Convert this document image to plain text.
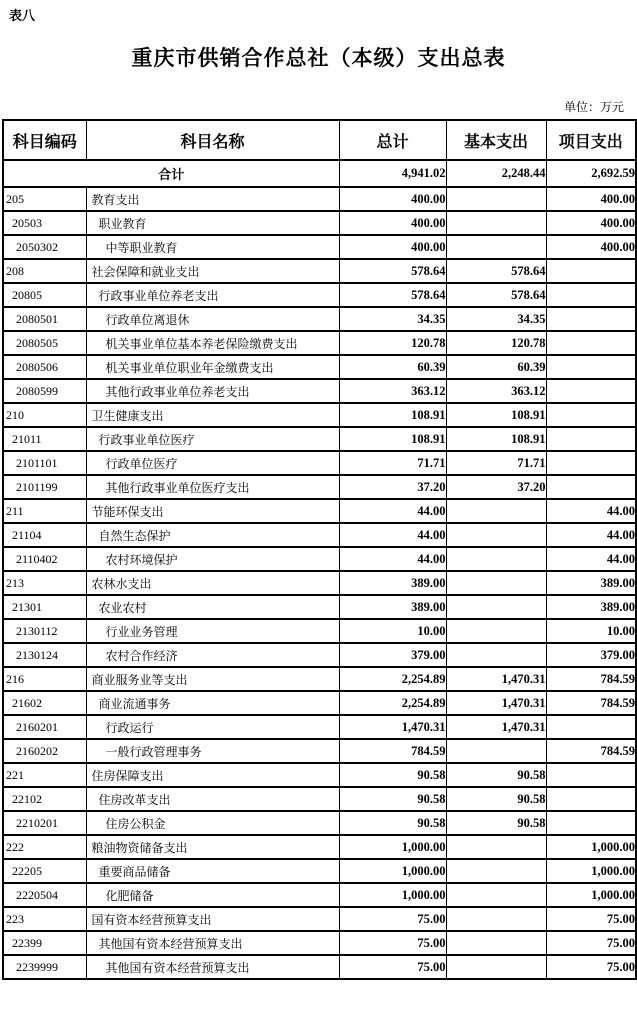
表八
重庆市供销合作总社（本级）支出总表
单位：万元
科目编码	科目名称	总计	基本支出	项目支出
合计		4,941.02	2,248.44	2,692.59
205	教育支出	400.00		400.00
20503	职业教育	400.00		400.00
2050302	中等职业教育	400.00		400.00
208	社会保障和就业支出	578.64	578.64	
20805	行政事业单位养老支出	578.64	578.64	
2080501	行政单位离退休	34.35	34.35	
2080505	机关事业单位基本养老保险缴费支出	120.78	120.78	
2080506	机关事业单位职业年金缴费支出	60.39	60.39	
2080599	其他行政事业单位养老支出	363.12	363.12	
210	卫生健康支出	108.91	108.91	
21011	行政事业单位医疗	108.91	108.91	
2101101	行政单位医疗	71.71	71.71	
2101199	其他行政事业单位医疗支出	37.20	37.20	
211	节能环保支出	44.00		44.00
21104	自然生态保护	44.00		44.00
2110402	农村环境保护	44.00		44.00
213	农林水支出	389.00		389.00
21301	农业农村	389.00		389.00
2130112	行业业务管理	10.00		10.00
2130124	农村合作经济	379.00		379.00
216	商业服务业等支出	2,254.89	1,470.31	784.59
21602	商业流通事务	2,254.89	1,470.31	784.59
2160201	行政运行	1,470.31	1,470.31	
2160202	一般行政管理事务	784.59		784.59
221	住房保障支出	90.58	90.58	
22102	住房改革支出	90.58	90.58	
2210201	住房公积金	90.58	90.58	
222	粮油物资储备支出	1,000.00		1,000.00
22205	重要商品储备	1,000.00		1,000.00
2220504	化肥储备	1,000.00		1,000.00
223	国有资本经营预算支出	75.00		75.00
22399	其他国有资本经营预算支出	75.00		75.00
2239999	其他国有资本经营预算支出	75.00		75.00
